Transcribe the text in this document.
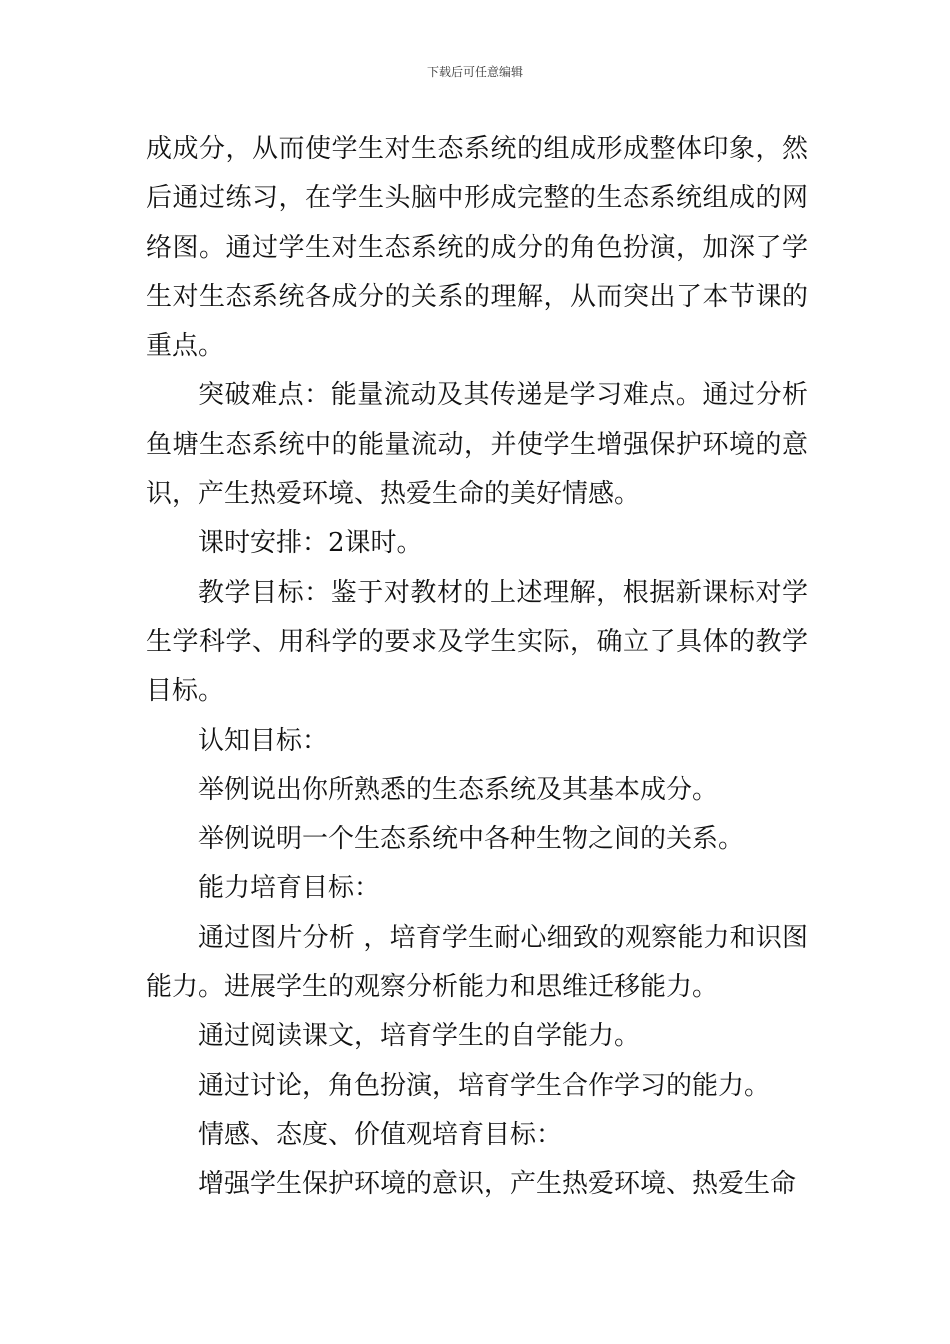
下载后可任意编辑

成成分，从而使学生对生态系统的组成形成整体印象，然后通过练习，在学生头脑中形成完整的生态系统组成的网络图。通过学生对生态系统的成分的角色扮演，加深了学生对生态系统各成分的关系的理解，从而突出了本节课的重点。

突破难点：能量流动及其传递是学习难点。通过分析鱼塘生态系统中的能量流动，并使学生增强保护环境的意识，产生热爱环境、热爱生命的美好情感。

课时安排：2课时。

教学目标：鉴于对教材的上述理解，根据新课标对学生学科学、用科学的要求及学生实际，确立了具体的教学目标。

认知目标：

举例说出你所熟悉的生态系统及其基本成分。

举例说明一个生态系统中各种生物之间的关系。

能力培育目标：

通过图片分析 ，培育学生耐心细致的观察能力和识图能力。进展学生的观察分析能力和思维迁移能力。

通过阅读课文，培育学生的自学能力。

通过讨论，角色扮演，培育学生合作学习的能力。

情感、态度、价值观培育目标：

增强学生保护环境的意识，产生热爱环境、热爱生命
